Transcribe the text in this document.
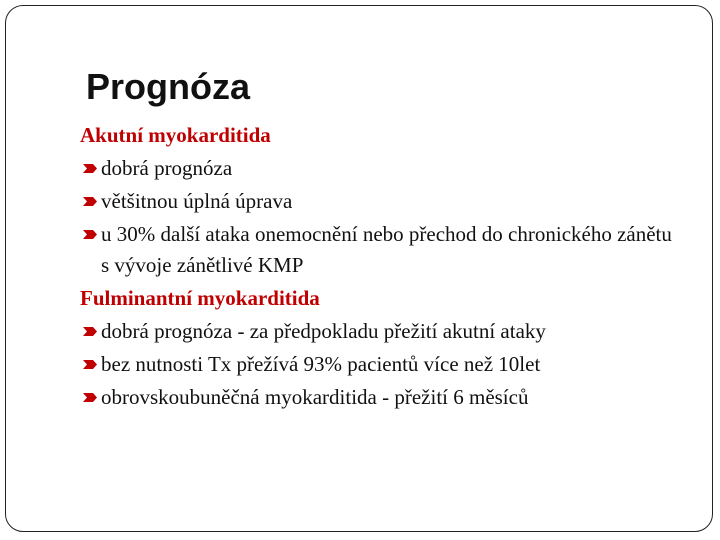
Prognóza
Akutní myokarditida
dobrá prognóza
většitnou úplná úprava
u 30% další ataka onemocnění nebo přechod do chronického zánětu s vývoje zánětlivé KMP
Fulminantní myokarditida
dobrá prognóza - za předpokladu přežití akutní ataky
bez nutnosti Tx přežívá 93% pacientů více než 10let
obrovskoubuněčná myokarditida - přežití 6 měsíců
